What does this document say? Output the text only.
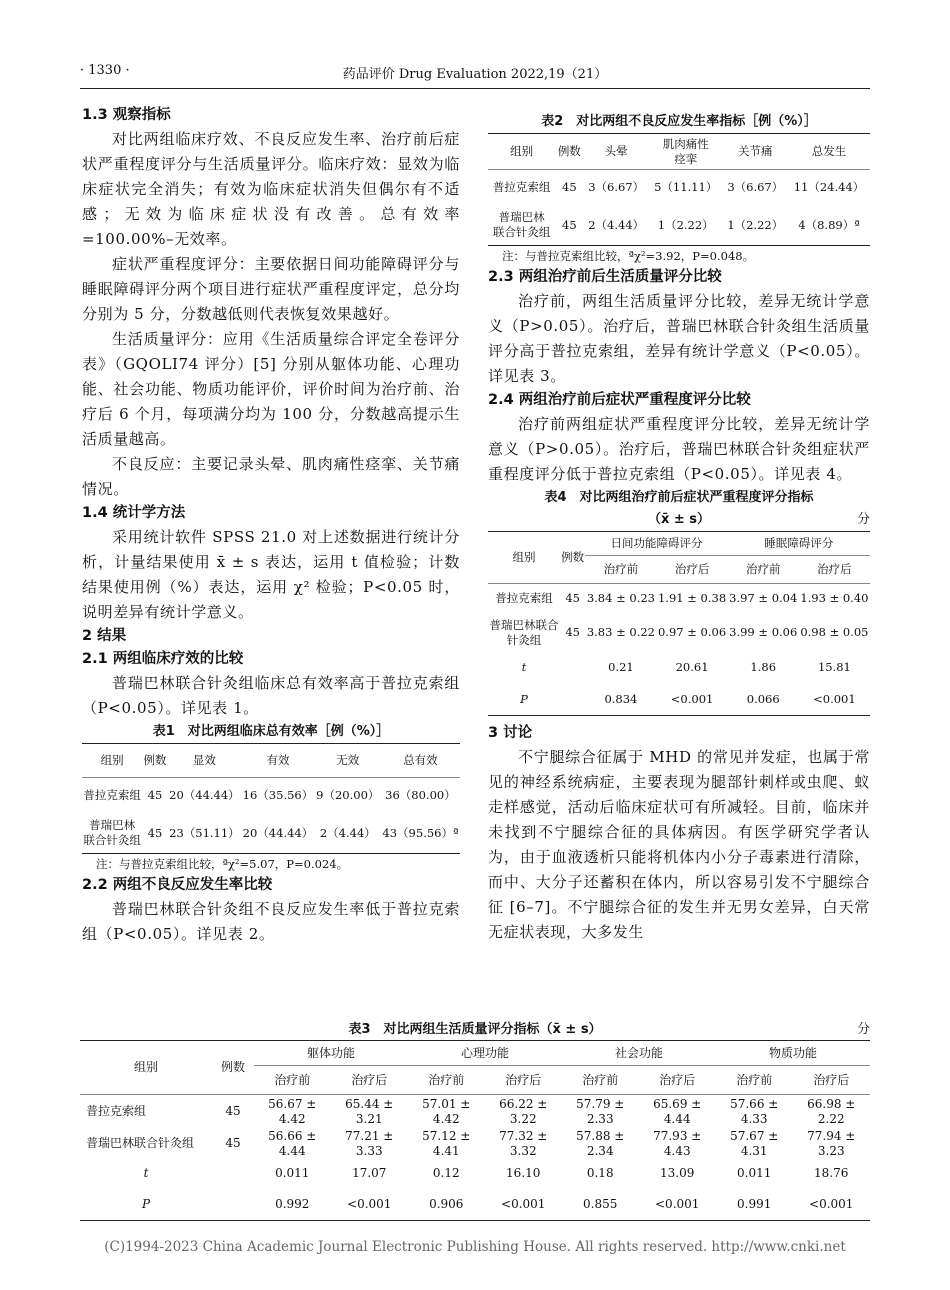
· 1330 ·	药品评价 Drug Evaluation 2022,19（21）
1.3 观察指标

对比两组临床疗效、不良反应发生率、治疗前后症状严重程度评分与生活质量评分。临床疗效：显效为临床症状完全消失；有效为临床症状消失但偶尔有不适感；无效为临床症状没有改善。总有效率 =100.00%–无效率。

症状严重程度评分：主要依据日间功能障碍评分与睡眠障碍评分两个项目进行症状严重程度评定，总分均分别为 5 分，分数越低则代表恢复效果越好。

生活质量评分：应用《生活质量综合评定全卷评分表》（GQOLI74 评分）[5] 分别从躯体功能、心理功能、社会功能、物质功能评价，评价时间为治疗前、治疗后 6 个月，每项满分均为 100 分，分数越高提示生活质量越高。

不良反应：主要记录头晕、肌肉痛性痉挛、关节痛情况。

1.4 统计学方法

采用统计软件 SPSS 21.0 对上述数据进行统计分析，计量结果使用 x̄ ± s 表达，运用 t 值检验；计数结果使用例（%）表达，运用 χ² 检验；P<0.05 时，说明差异有统计学意义。

2 结果
2.1 两组临床疗效的比较

普瑞巴林联合针灸组临床总有效率高于普拉克索组（P<0.05）。详见表 1。

表1　对比两组临床总有效率［例（%）］
组别	例数	显效	有效	无效	总有效
普拉克索组	45	20（44.44）	16（35.56）	9（20.00）	36（80.00）
普瑞巴林
联合针灸组	45	23（51.11）	20（44.44）	2（4.44）	43（95.56）ª
注：与普拉克索组比较，ªχ²=5.07，P=0.024。
2.2 两组不良反应发生率比较

普瑞巴林联合针灸组不良反应发生率低于普拉克索组（P<0.05）。详见表 2。

表2　对比两组不良反应发生率指标［例（%）］
组别	例数	头晕	肌肉痛性
痉挛	关节痛	总发生
普拉克索组	45	3（6.67）	5（11.11）	3（6.67）	11（24.44）
普瑞巴林
联合针灸组	45	2（4.44）	1（2.22）	1（2.22）	4（8.89）ª
注：与普拉克索组比较，ªχ²=3.92，P=0.048。
2.3 两组治疗前后生活质量评分比较

治疗前，两组生活质量评分比较，差异无统计学意义（P>0.05）。治疗后，普瑞巴林联合针灸组生活质量评分高于普拉克索组，差异有统计学意义（P<0.05）。详见表 3。

2.4 两组治疗前后症状严重程度评分比较

治疗前两组症状严重程度评分比较，差异无统计学意义（P>0.05）。治疗后，普瑞巴林联合针灸组症状严重程度评分低于普拉克索组（P<0.05）。详见表 4。

表4　对比两组治疗前后症状严重程度评分指标
（x̄ ± s）	分
组别	例数	日间功能障碍评分		睡眠障碍评分	
		治疗前	治疗后	治疗前	治疗后
普拉克索组	45	3.84 ± 0.23	1.91 ± 0.38	3.97 ± 0.04	1.93 ± 0.40
普瑞巴林联合
针灸组	45	3.83 ± 0.22	0.97 ± 0.06	3.99 ± 0.06	0.98 ± 0.05
t		0.21	20.61	1.86	15.81
P		0.834	<0.001	0.066	<0.001
3 讨论

不宁腿综合征属于 MHD 的常见并发症，也属于常见的神经系统病症，主要表现为腿部针刺样或虫爬、蚁走样感觉，活动后临床症状可有所减轻。目前，临床并未找到不宁腿综合征的具体病因。有医学研究学者认为，由于血液透析只能将机体内小分子毒素进行清除，而中、大分子还蓄积在体内，所以容易引发不宁腿综合征 [6–7]。不宁腿综合征的发生并无男女差异，白天常无症状表现，大多发生

表3　对比两组生活质量评分指标（x̄ ± s）	分
组别	例数	躯体功能		心理功能		社会功能		物质功能	
		治疗前	治疗后	治疗前	治疗后	治疗前	治疗后	治疗前	治疗后
普拉克索组	45	56.67 ± 4.42	65.44 ± 3.21	57.01 ± 4.42	66.22 ± 3.22	57.79 ± 2.33	65.69 ± 4.44	57.66 ± 4.33	66.98 ± 2.22
普瑞巴林联合针灸组	45	56.66 ± 4.44	77.21 ± 3.33	57.12 ± 4.41	77.32 ± 3.32	57.88 ± 2.34	77.93 ± 4.43	57.67 ± 4.31	77.94 ± 3.23
t		0.011	17.07	0.12	16.10	0.18	13.09	0.011	18.76
P		0.992	<0.001	0.906	<0.001	0.855	<0.001	0.991	<0.001
(C)1994-2023 China Academic Journal Electronic Publishing House. All rights reserved. http://www.cnki.net
